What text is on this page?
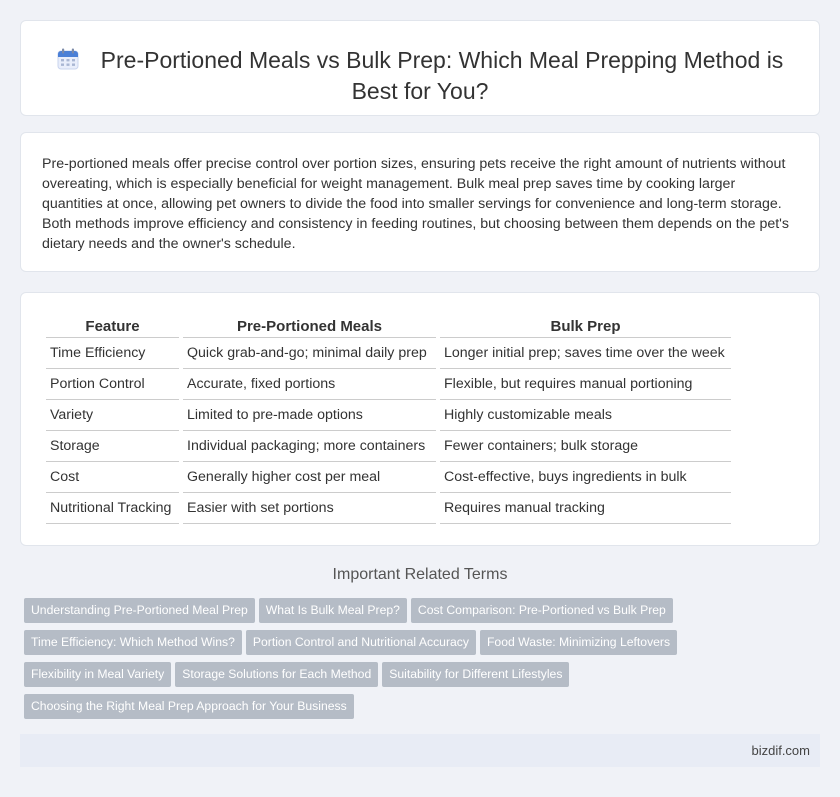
Pre-Portioned Meals vs Bulk Prep: Which Meal Prepping Method is Best for You?

Pre-portioned meals offer precise control over portion sizes, ensuring pets receive the right amount of nutrients without overeating, which is especially beneficial for weight management. Bulk meal prep saves time by cooking larger quantities at once, allowing pet owners to divide the food into smaller servings for convenience and long-term storage. Both methods improve efficiency and consistency in feeding routines, but choosing between them depends on the pet's dietary needs and the owner's schedule.

Feature	Pre-Portioned Meals	Bulk Prep
Time Efficiency	Quick grab-and-go; minimal daily prep	Longer initial prep; saves time over the week
Portion Control	Accurate, fixed portions	Flexible, but requires manual portioning
Variety	Limited to pre-made options	Highly customizable meals
Storage	Individual packaging; more containers	Fewer containers; bulk storage
Cost	Generally higher cost per meal	Cost-effective, buys ingredients in bulk
Nutritional Tracking	Easier with set portions	Requires manual tracking
Important Related Terms
Understanding Pre-Portioned Meal Prep What Is Bulk Meal Prep? Cost Comparison: Pre-Portioned vs Bulk Prep
Time Efficiency: Which Method Wins? Portion Control and Nutritional Accuracy Food Waste: Minimizing Leftovers
Flexibility in Meal Variety Storage Solutions for Each Method Suitability for Different Lifestyles
Choosing the Right Meal Prep Approach for Your Business
bizdif.com
